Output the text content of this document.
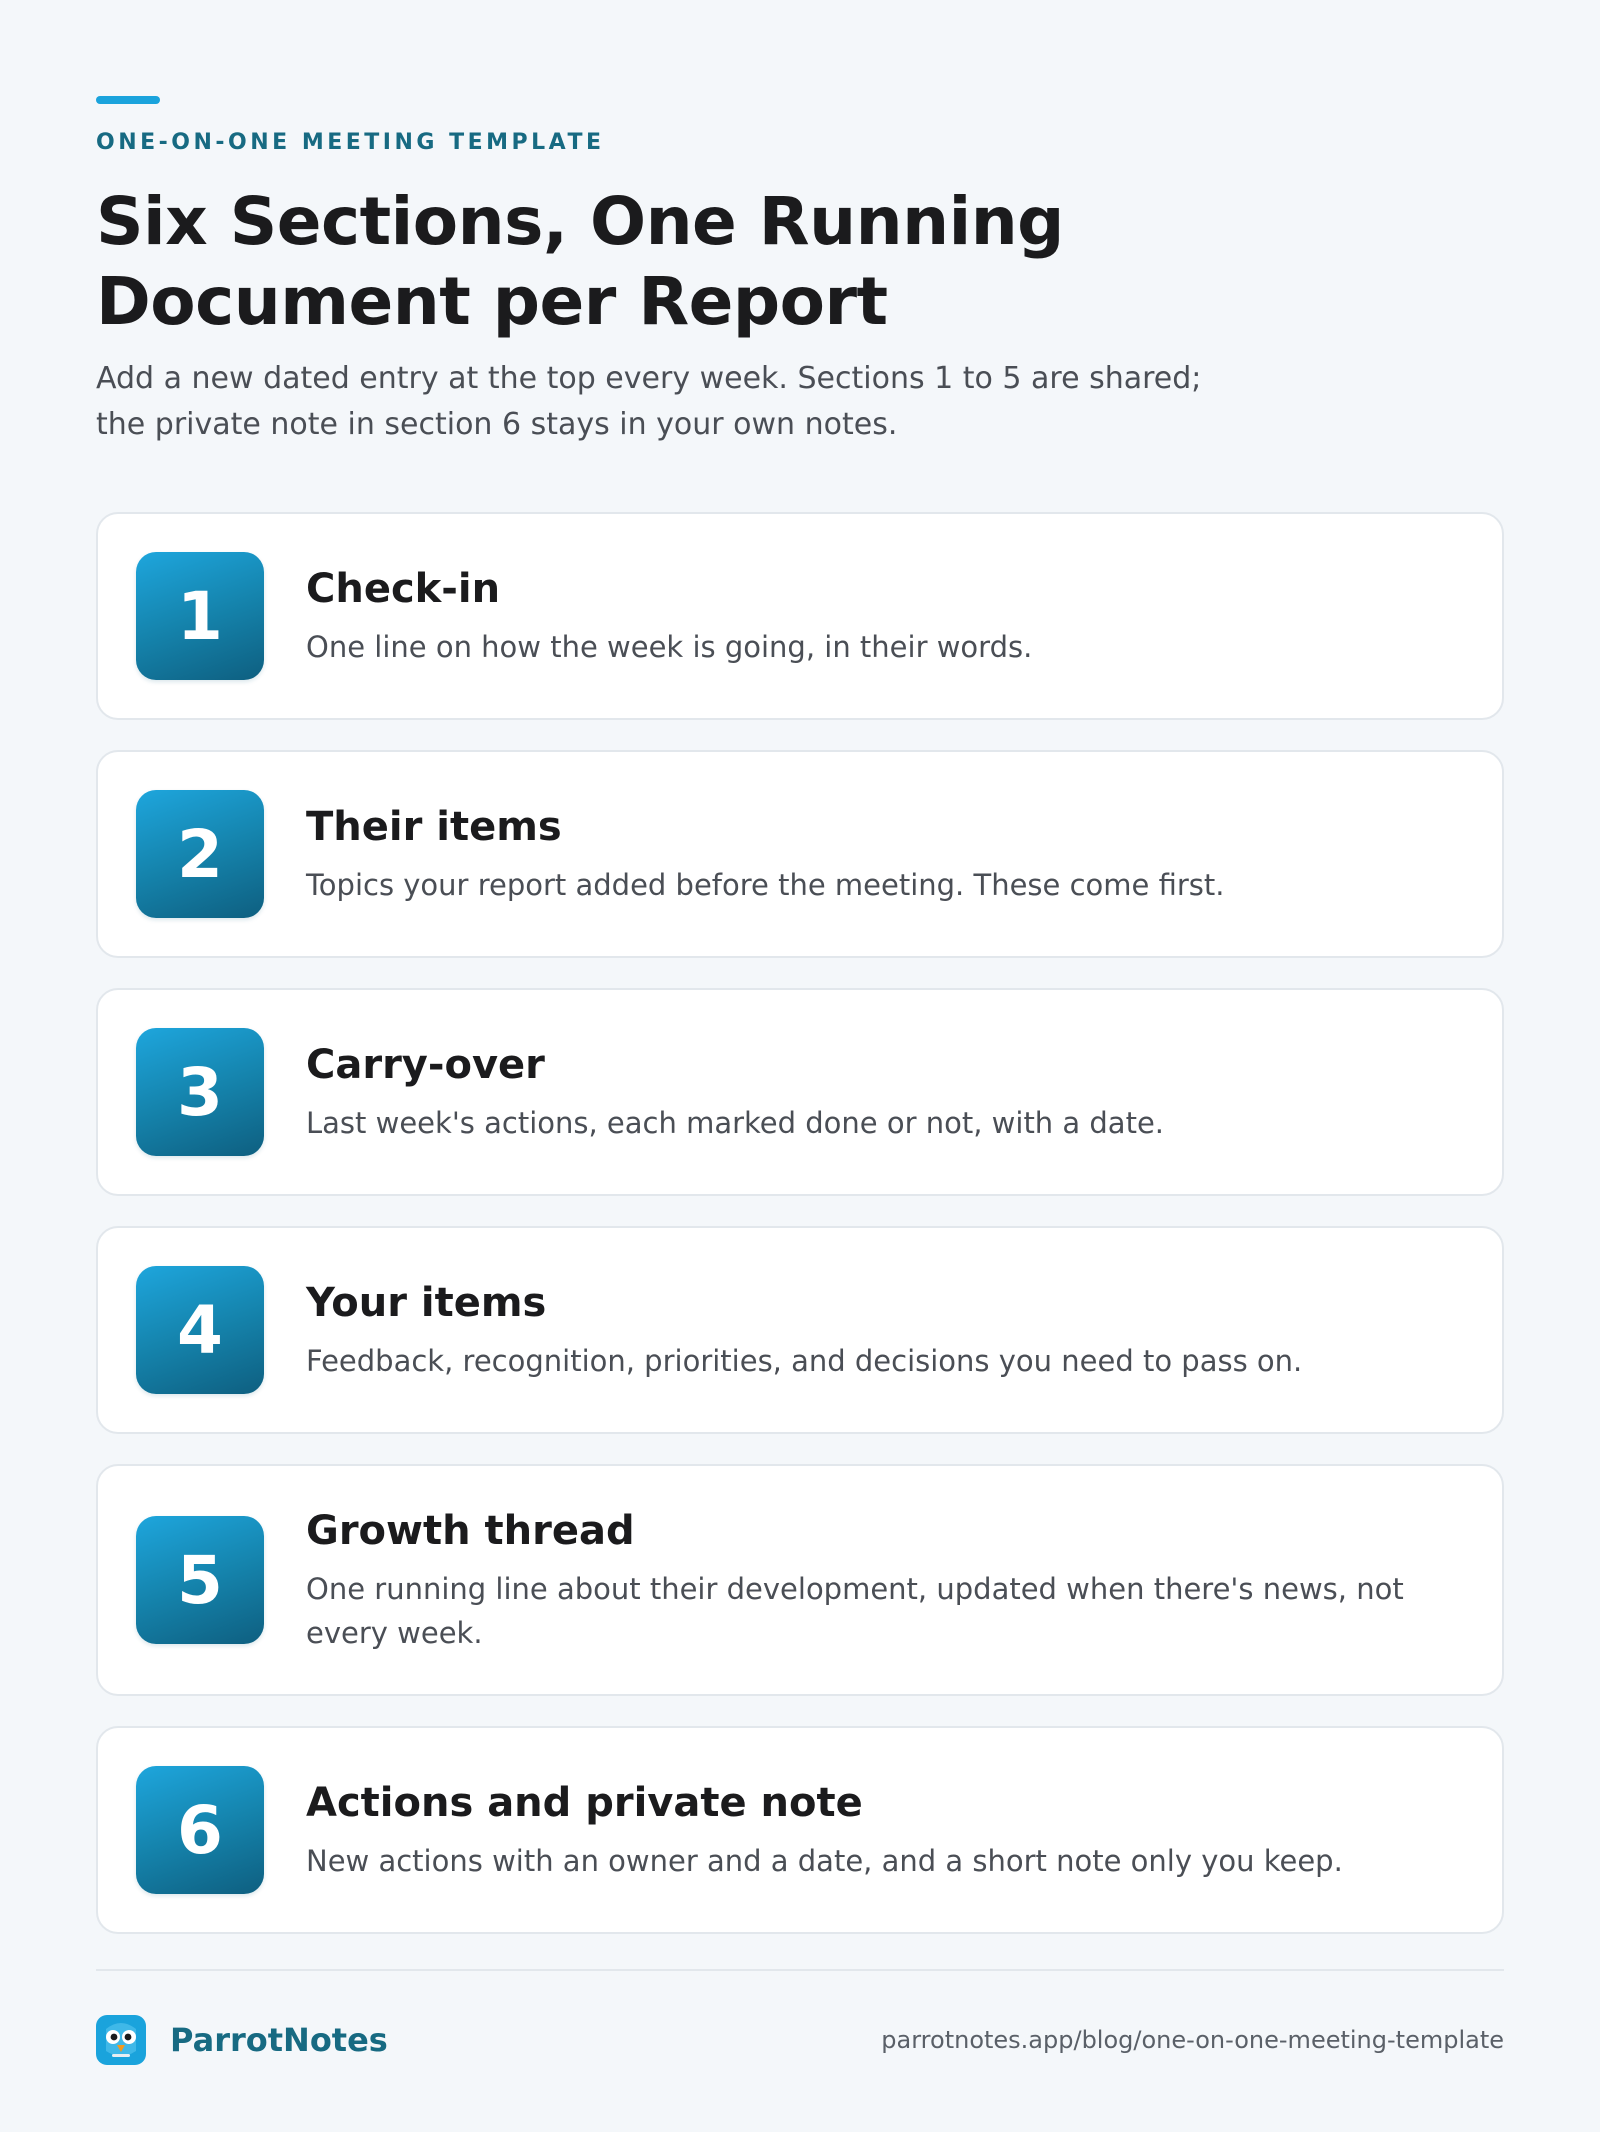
ONE-ON-ONE MEETING TEMPLATE
Six Sections, One Running
Document per Report
Add a new dated entry at the top every week. Sections 1 to 5 are shared; the private note in section 6 stays in your own notes.
1	Check-in
One line on how the week is going, in their words.
2	Their items
Topics your report added before the meeting. These come first.
3	Carry-over
Last week's actions, each marked done or not, with a date.
4	Your items
Feedback, recognition, priorities, and decisions you need to pass on.
5
Growth thread
One running line about their development, updated when there's news, not every week.
6	Actions and private note
New actions with an owner and a date, and a short note only you keep.
ParrotNotes	parrotnotes.app/blog/one-on-one-meeting-template
